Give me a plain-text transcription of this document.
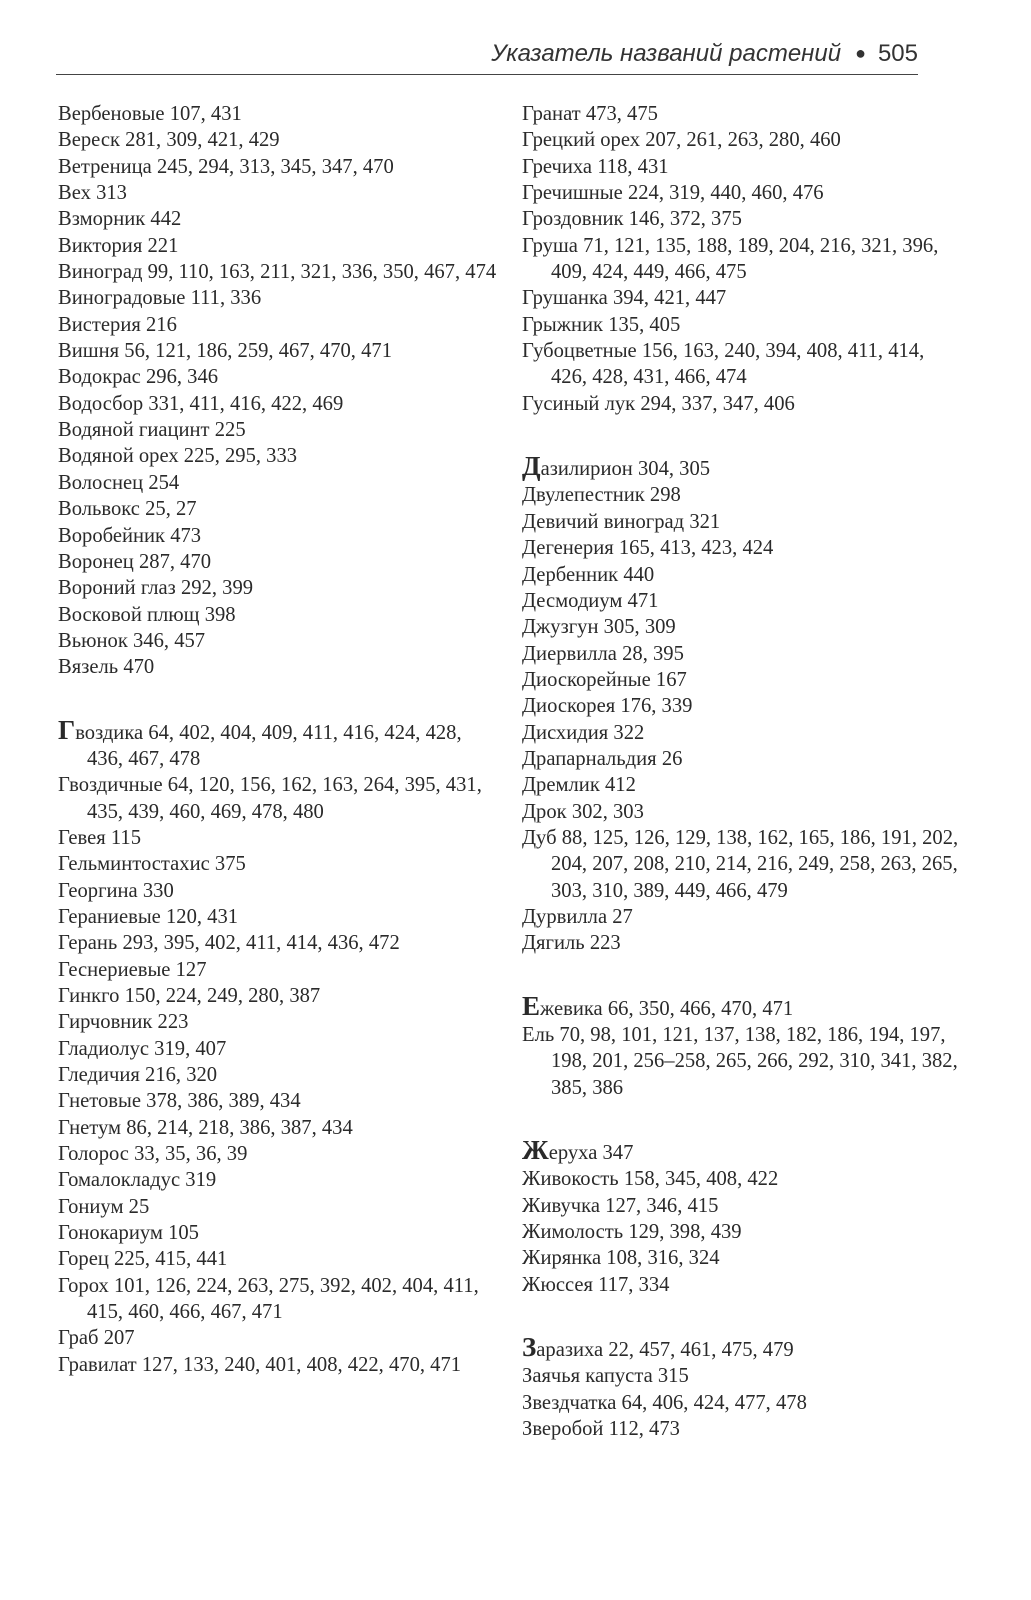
Указатель названий растений ● 505
Вербеновые 107, 431
Вереск 281, 309, 421, 429
Ветреница 245, 294, 313, 345, 347, 470
Вех 313
Взморник 442
Виктория 221
Виноград 99, 110, 163, 211, 321, 336, 350, 467, 474
Виноградовые 111, 336
Вистерия 216
Вишня 56, 121, 186, 259, 467, 470, 471
Водокрас 296, 346
Водосбор 331, 411, 416, 422, 469
Водяной гиацинт 225
Водяной орех 225, 295, 333
Волоснец 254
Вольвокс 25, 27
Воробейник 473
Воронец 287, 470
Вороний глаз 292, 399
Восковой плющ 398
Вьюнок 346, 457
Вязель 470
Гвоздика 64, 402, 404, 409, 411, 416, 424, 428, 436, 467, 478
Гвоздичные 64, 120, 156, 162, 163, 264, 395, 431, 435, 439, 460, 469, 478, 480
Гевея 115
Гельминтостахис 375
Георгина 330
Гераниевые 120, 431
Герань 293, 395, 402, 411, 414, 436, 472
Геснериевые 127
Гинкго 150, 224, 249, 280, 387
Гирчовник 223
Гладиолус 319, 407
Гледичия 216, 320
Гнетовые 378, 386, 389, 434
Гнетум 86, 214, 218, 386, 387, 434
Голорос 33, 35, 36, 39
Гомалокладус 319
Гониум 25
Гонокариум 105
Горец 225, 415, 441
Горох 101, 126, 224, 263, 275, 392, 402, 404, 411, 415, 460, 466, 467, 471
Граб 207
Гравилат 127, 133, 240, 401, 408, 422, 470, 471
Гранат 473, 475
Грецкий орех 207, 261, 263, 280, 460
Гречиха 118, 431
Гречишные 224, 319, 440, 460, 476
Гроздовник 146, 372, 375
Груша 71, 121, 135, 188, 189, 204, 216, 321, 396, 409, 424, 449, 466, 475
Грушанка 394, 421, 447
Грыжник 135, 405
Губоцветные 156, 163, 240, 394, 408, 411, 414, 426, 428, 431, 466, 474
Гусиный лук 294, 337, 347, 406
Дазилирион 304, 305
Двулепестник 298
Девичий виноград 321
Дегенерия 165, 413, 423, 424
Дербенник 440
Десмодиум 471
Джузгун 305, 309
Диервилла 28, 395
Диоскорейные 167
Диоскорея 176, 339
Дисхидия 322
Драпарнальдия 26
Дремлик 412
Дрок 302, 303
Дуб 88, 125, 126, 129, 138, 162, 165, 186, 191, 202, 204, 207, 208, 210, 214, 216, 249, 258, 263, 265, 303, 310, 389, 449, 466, 479
Дурвилла 27
Дягиль 223
Ежевика 66, 350, 466, 470, 471
Ель 70, 98, 101, 121, 137, 138, 182, 186, 194, 197, 198, 201, 256–258, 265, 266, 292, 310, 341, 382, 385, 386
Жеруха 347
Живокость 158, 345, 408, 422
Живучка 127, 346, 415
Жимолость 129, 398, 439
Жирянка 108, 316, 324
Жюссея 117, 334
Заразиха 22, 457, 461, 475, 479
Заячья капуста 315
Звездчатка 64, 406, 424, 477, 478
Зверобой 112, 473
